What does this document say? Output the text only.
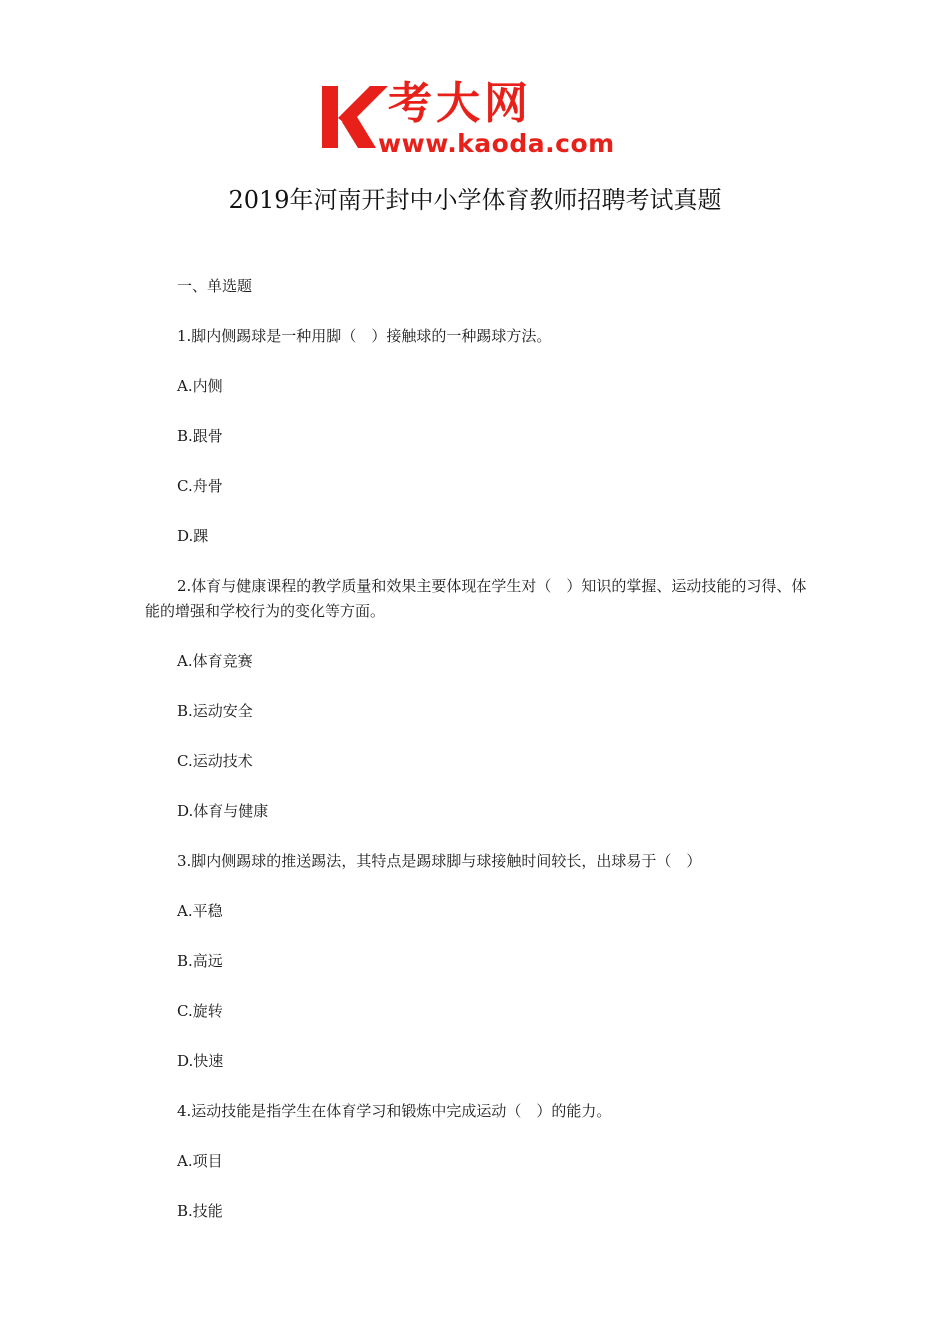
考大网
www.kaoda.com
2019年河南开封中小学体育教师招聘考试真题

一、单选题

1.脚内侧踢球是一种用脚（　）接触球的一种踢球方法。

A.内侧

B.跟骨

C.舟骨

D.踝

2.体育与健康课程的教学质量和效果主要体现在学生对（　）知识的掌握、运动技能的习得、体能的增强和学校行为的变化等方面。

A.体育竞赛

B.运动安全

C.运动技术

D.体育与健康

3.脚内侧踢球的推送踢法，其特点是踢球脚与球接触时间较长，出球易于（　）

A.平稳

B.高远

C.旋转

D.快速

4.运动技能是指学生在体育学习和锻炼中完成运动（　）的能力。

A.项目

B.技能
